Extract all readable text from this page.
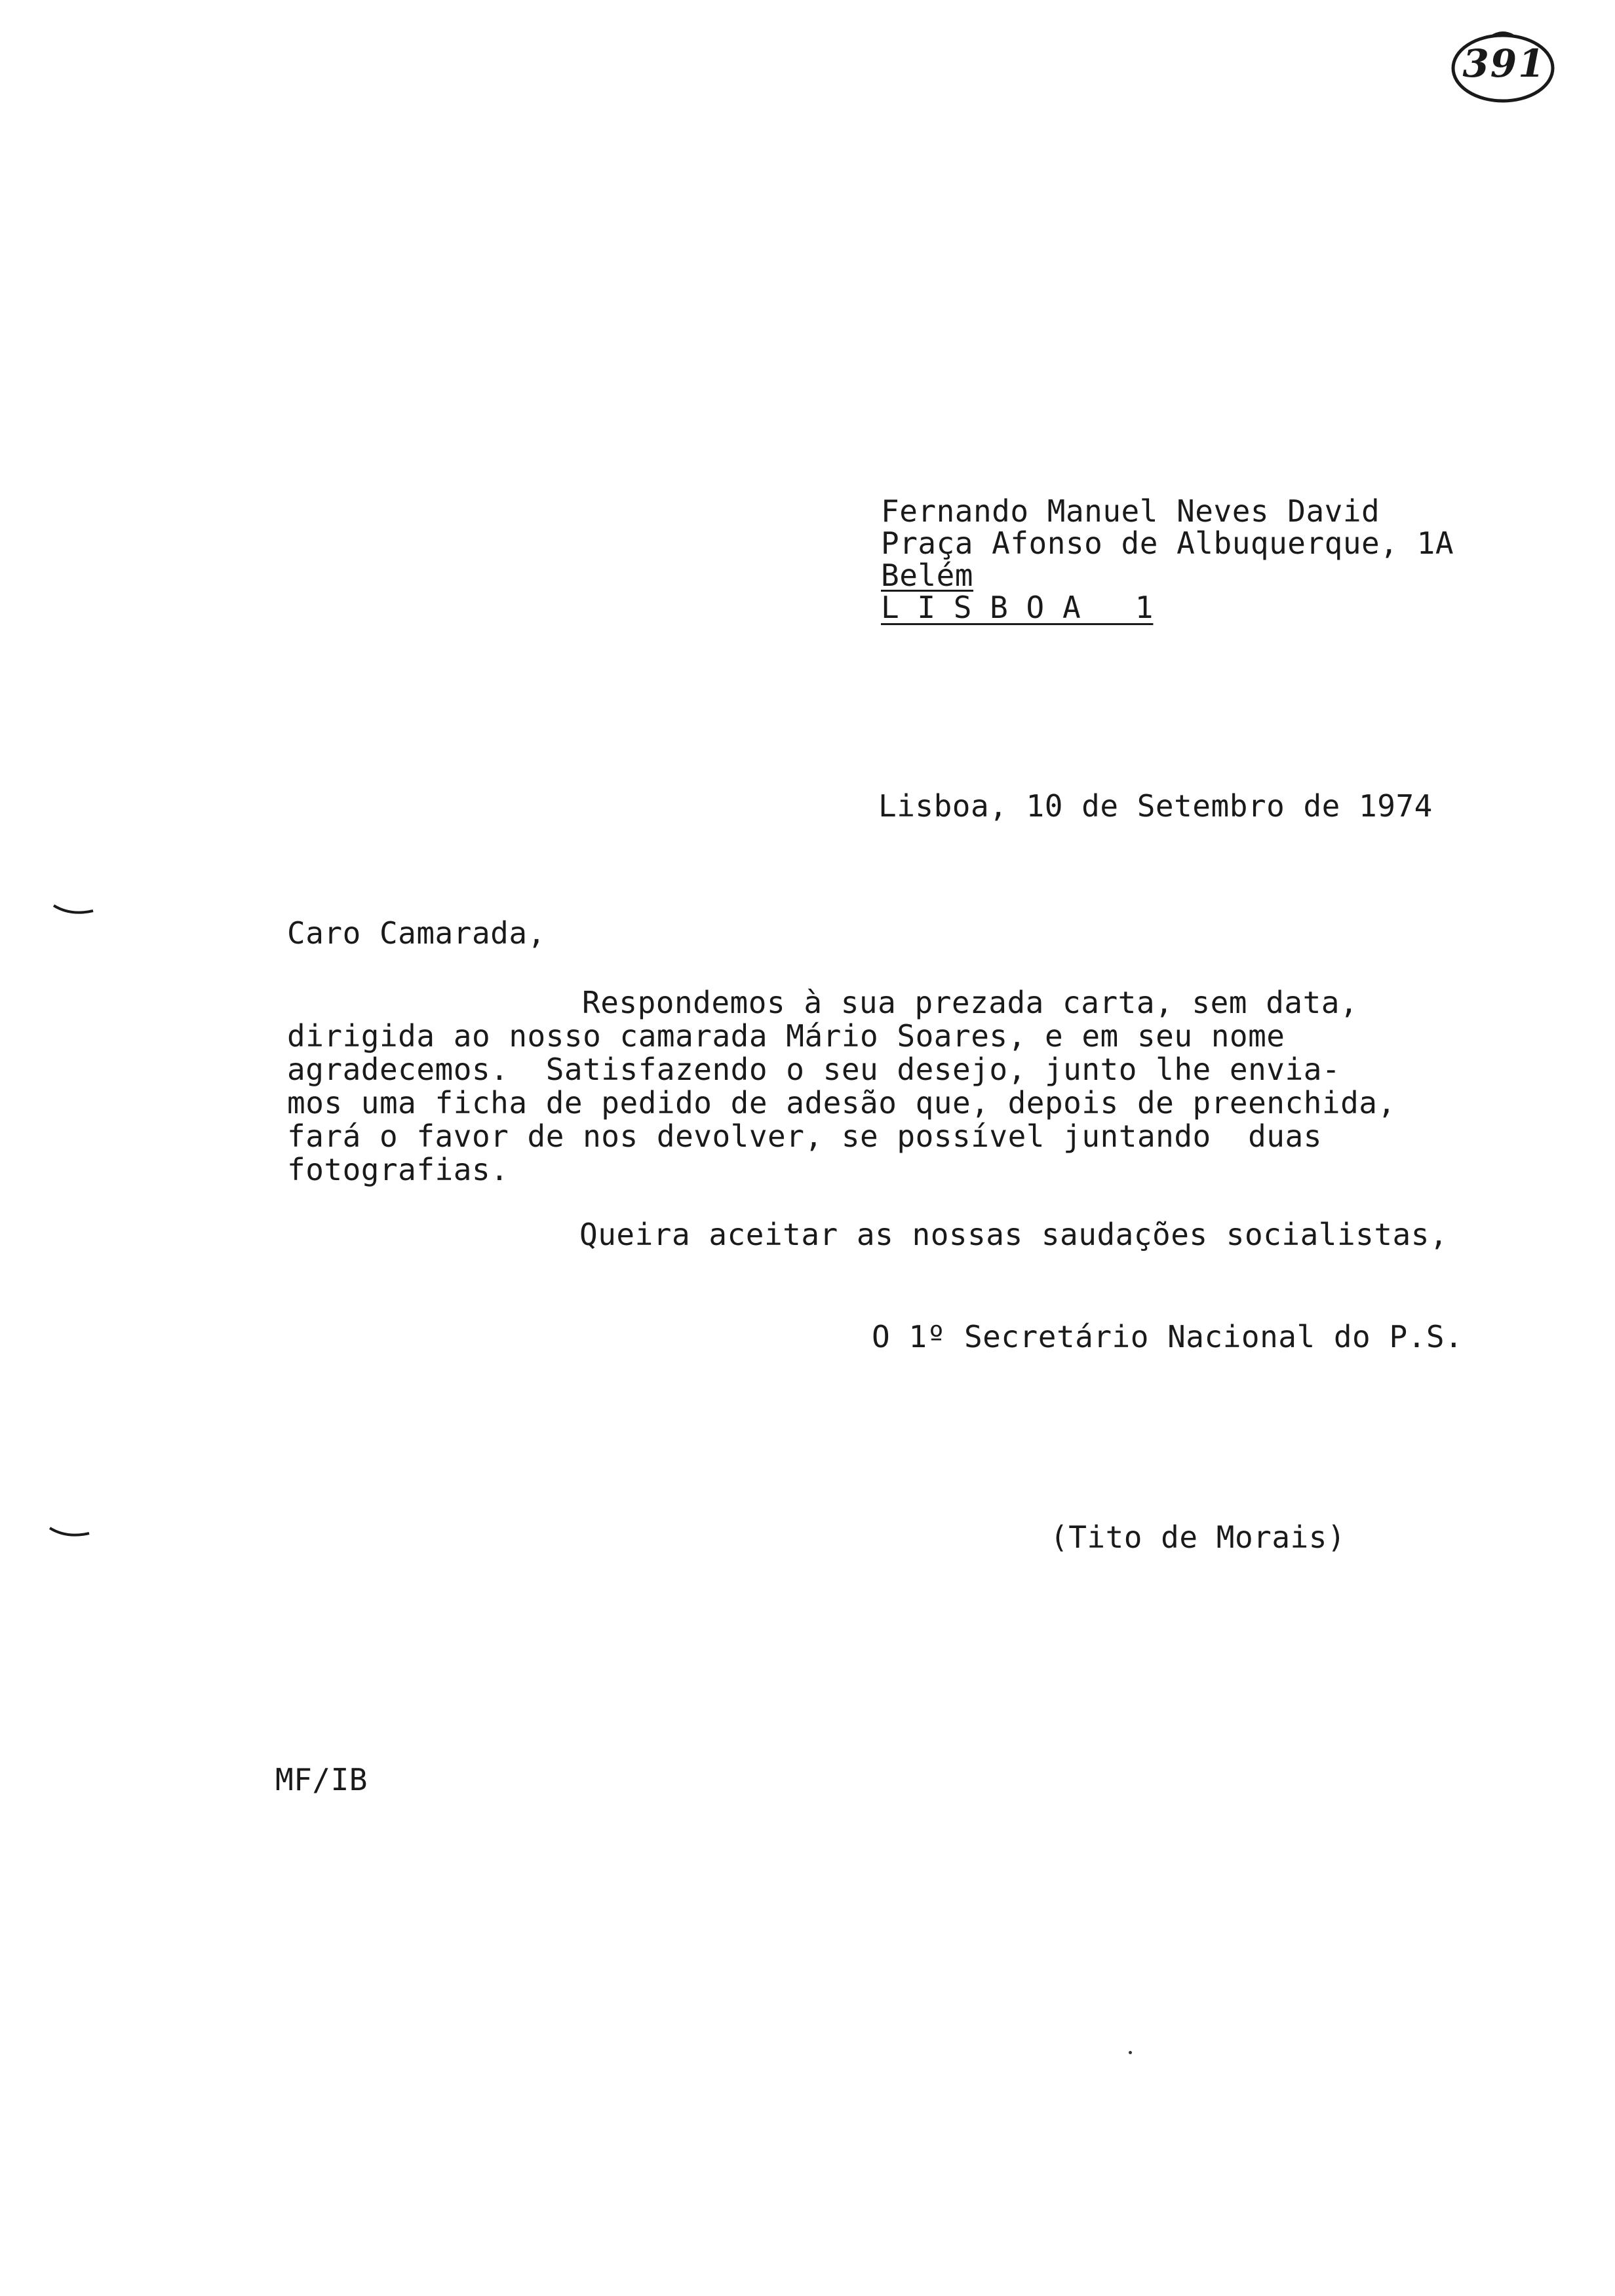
391
Fernando Manuel Neves David
Praça Afonso de Albuquerque, 1A
Belém
L I S B O A   1
Lisboa, 10 de Setembro de 1974
Caro Camarada,
Respondemos à sua prezada carta, sem data,
dirigida ao nosso camarada Mário Soares, e em seu nome
agradecemos.  Satisfazendo o seu desejo, junto lhe envia-
mos uma ficha de pedido de adesão que, depois de preenchida,
fará o favor de nos devolver, se possível juntando  duas
fotografias.
Queira aceitar as nossas saudações socialistas,
O 1º Secretário Nacional do P.S.
(Tito de Morais)
MF/IB
